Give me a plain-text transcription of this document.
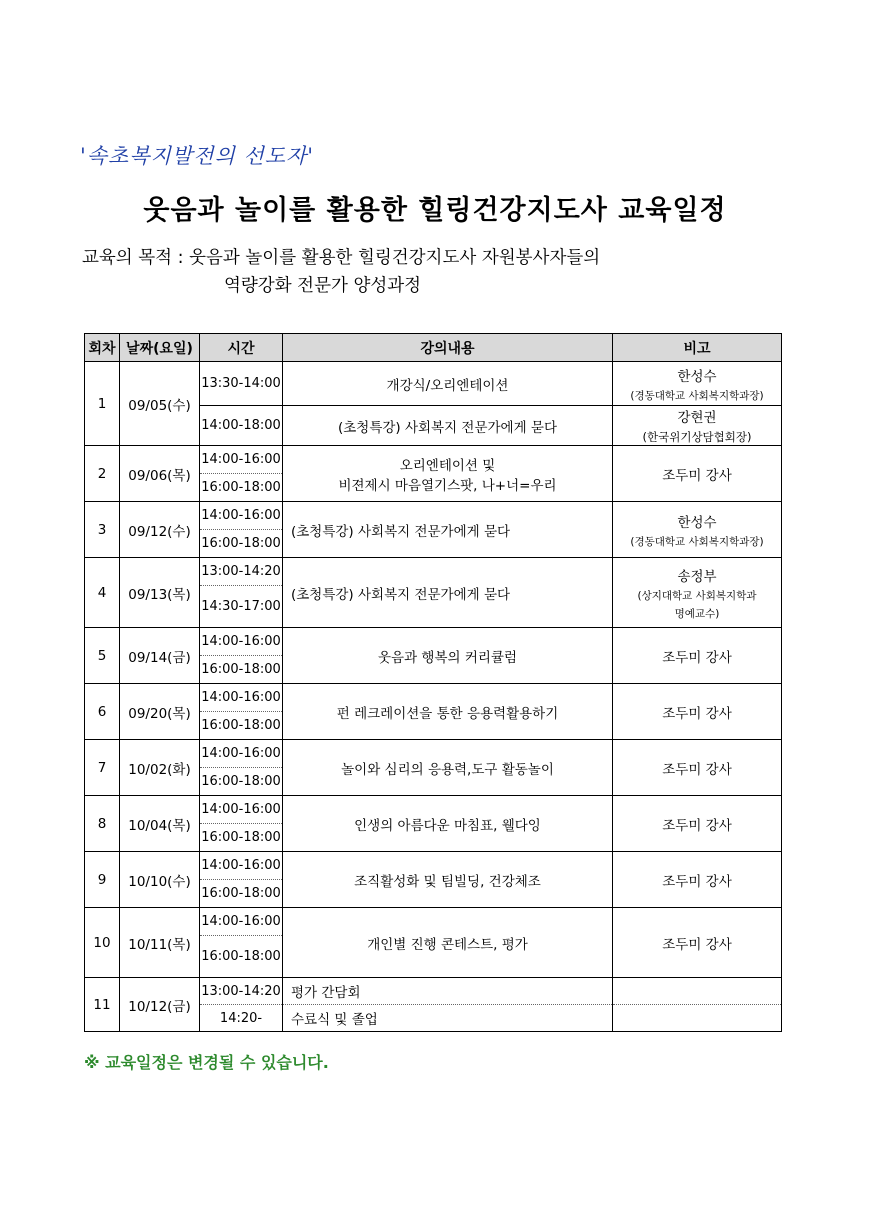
'속초복지발전의 선도자'
웃음과 놀이를 활용한 힐링건강지도사 교육일정
교육의 목적 : 웃음과 놀이를 활용한 힐링건강지도사 자원봉사자들의
역량강화 전문가 양성과정
회차	날짜(요일)	시간	강의내용	비고
1	09/05(수)	13:30-14:00	개강식/오리엔테이션	한성수
(경동대학교 사회복지학과장)

		14:00-18:00	(초청특강) 사회복지 전문가에게 묻다	강현권
(한국위기상담협회장)

2	09/06(목)	14:00-16:00	오리엔테이션 및
비젼제시 마음열기스팟, 나+너=우리	조두미 강사
		16:00-18:00		
3	09/12(수)	14:00-16:00	(초청특강) 사회복지 전문가에게 묻다	한성수
(경동대학교 사회복지학과장)

		16:00-18:00		
4	09/13(목)	13:00-14:20	(초청특강) 사회복지 전문가에게 묻다	송정부
(상지대학교 사회복지학과
명예교수)

		14:30-17:00		
5	09/14(금)	14:00-16:00	웃음과 행복의 커리큘럼	조두미 강사
		16:00-18:00		
6	09/20(목)	14:00-16:00	펀 레크레이션을 통한 응용력활용하기	조두미 강사
		16:00-18:00		
7	10/02(화)	14:00-16:00	놀이와 심리의 응용력,도구 활동놀이	조두미 강사
		16:00-18:00		
8	10/04(목)	14:00-16:00	인생의 아름다운 마침표, 웰다잉	조두미 강사
		16:00-18:00		
9	10/10(수)	14:00-16:00	조직활성화 및 팀빌딩, 건강체조	조두미 강사
		16:00-18:00		
10	10/11(목)	14:00-16:00	개인별 진행 콘테스트, 평가	조두미 강사
		16:00-18:00		
11	10/12(금)	13:00-14:20	평가 간담회	
		14:20-	수료식 및 졸업	
※ 교육일정은 변경될 수 있습니다.
